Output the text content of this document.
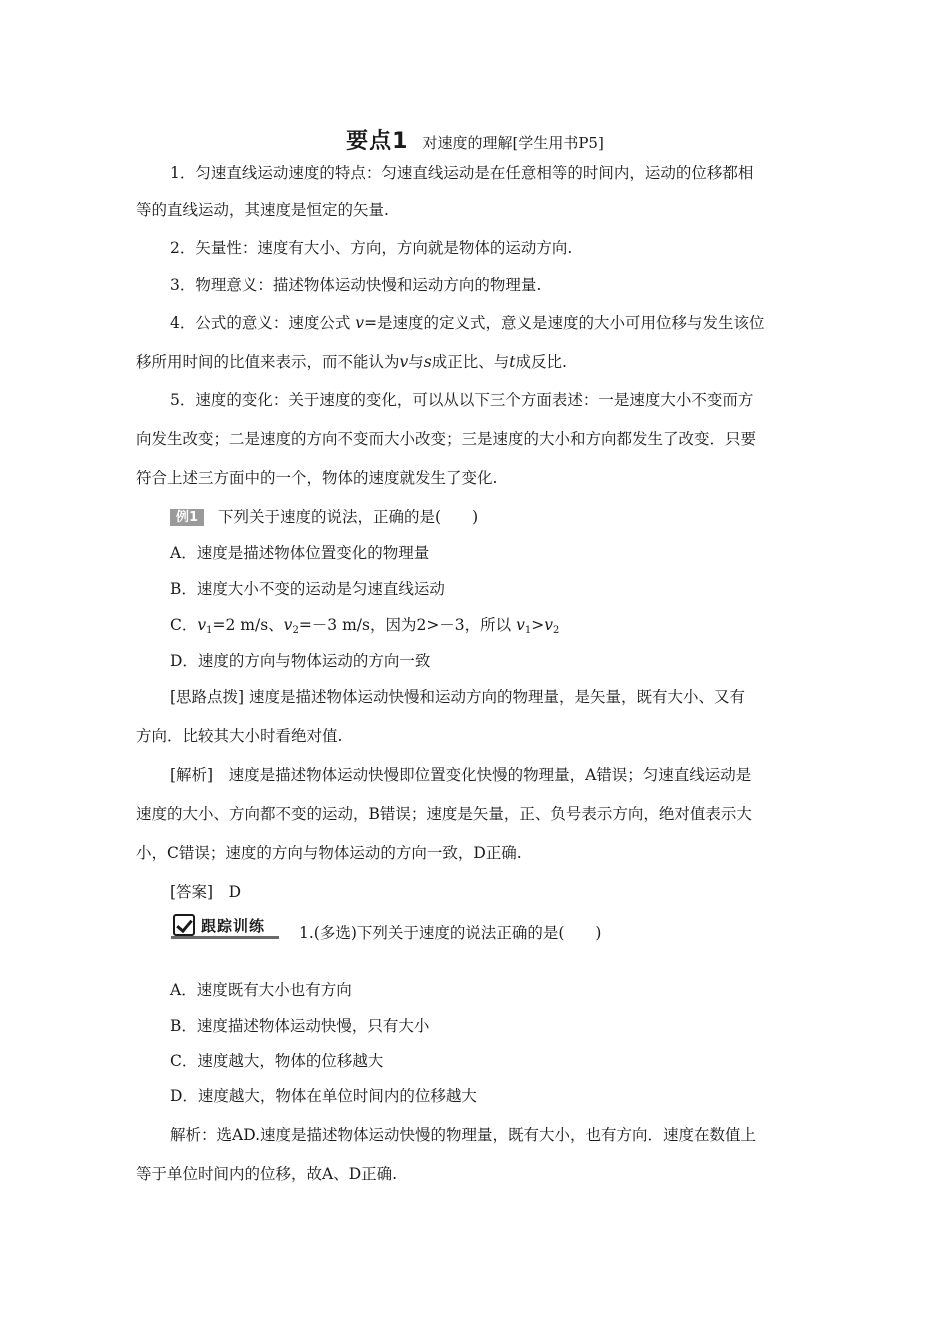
要点1 对速度的理解[学生用书P5]
1．匀速直线运动速度的特点：匀速直线运动是在任意相等的时间内，运动的位移都相
等的直线运动，其速度是恒定的矢量.
2．矢量性：速度有大小、方向，方向就是物体的运动方向.
3．物理意义：描述物体运动快慢和运动方向的物理量.
4．公式的意义：速度公式 v=是速度的定义式，意义是速度的大小可用位移与发生该位
移所用时间的比值来表示，而不能认为v与s成正比、与t成反比.
5．速度的变化：关于速度的变化，可以从以下三个方面表述：一是速度大小不变而方
向发生改变；二是速度的方向不变而大小改变；三是速度的大小和方向都发生了改变．只要
符合上述三方面中的一个，物体的速度就发生了变化.
例1 下列关于速度的说法，正确的是(　　)
A．速度是描述物体位置变化的物理量
B．速度大小不变的运动是匀速直线运动
C．$v_1=2$ m/s、$v_2=-3$ m/s，因为2>－3，所以 $v_1>v_2$
D．速度的方向与物体运动的方向一致
[思路点拨] 速度是描述物体运动快慢和运动方向的物理量，是矢量，既有大小、又有
方向．比较其大小时看绝对值.
[解析]　速度是描述物体运动快慢即位置变化快慢的物理量，A错误；匀速直线运动是
速度的大小、方向都不变的运动，B错误；速度是矢量，正、负号表示方向，绝对值表示大
小，C错误；速度的方向与物体运动的方向一致，D正确.
[答案]　D
跟踪训练 1.(多选)下列关于速度的说法正确的是(　　)
A．速度既有大小也有方向
B．速度描述物体运动快慢，只有大小
C．速度越大，物体的位移越大
D．速度越大，物体在单位时间内的位移越大
解析：选AD.速度是描述物体运动快慢的物理量，既有大小，也有方向．速度在数值上
等于单位时间内的位移，故A、D正确.
